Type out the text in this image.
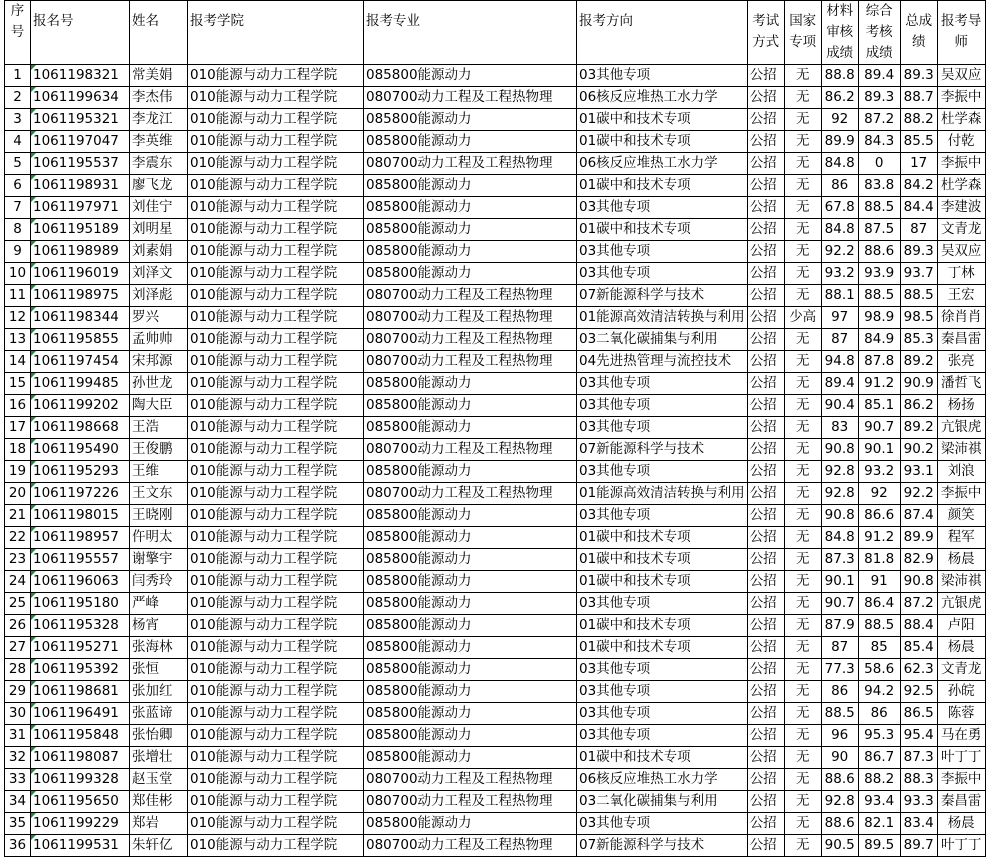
序号	报名号	姓名	报考学院	报考专业	报考方向	考试方式	国家专项	材料审核成绩	综合考核成绩	总成绩	报考导师
1	1061198321	常美娟	010能源与动力工程学院	085800能源动力	03其他专项	公招	无	88.8	89.4	89.3	吴双应
2	1061199634	李杰伟	010能源与动力工程学院	080700动力工程及工程热物理	06核反应堆热工水力学	公招	无	86.2	89.3	88.7	李振中
3	1061195321	李龙江	010能源与动力工程学院	085800能源动力	01碳中和技术专项	公招	无	92	87.2	88.2	杜学森
4	1061197047	李英维	010能源与动力工程学院	085800能源动力	01碳中和技术专项	公招	无	89.9	84.3	85.5	付乾
5	1061195537	李震东	010能源与动力工程学院	080700动力工程及工程热物理	06核反应堆热工水力学	公招	无	84.8	0	17	李振中
6	1061198931	廖飞龙	010能源与动力工程学院	085800能源动力	01碳中和技术专项	公招	无	86	83.8	84.2	杜学森
7	1061197971	刘佳宁	010能源与动力工程学院	085800能源动力	03其他专项	公招	无	67.8	88.5	84.4	李建波
8	1061195189	刘明星	010能源与动力工程学院	085800能源动力	01碳中和技术专项	公招	无	84.8	87.5	87	文青龙
9	1061198989	刘素娟	010能源与动力工程学院	085800能源动力	03其他专项	公招	无	92.2	88.6	89.3	吴双应
10	1061196019	刘泽文	010能源与动力工程学院	085800能源动力	03其他专项	公招	无	93.2	93.9	93.7	丁林
11	1061198975	刘泽彪	010能源与动力工程学院	080700动力工程及工程热物理	07新能源科学与技术	公招	无	88.1	88.5	88.5	王宏
12	1061198344	罗兴	010能源与动力工程学院	080700动力工程及工程热物理	01能源高效清洁转换与利用	公招	少高	97	98.9	98.5	徐肖肖
13	1061195855	孟帅帅	010能源与动力工程学院	080700动力工程及工程热物理	03二氧化碳捕集与利用	公招	无	87	84.9	85.3	秦昌雷
14	1061197454	宋邦源	010能源与动力工程学院	080700动力工程及工程热物理	04先进热管理与流控技术	公招	无	94.8	87.8	89.2	张亮
15	1061199485	孙世龙	010能源与动力工程学院	085800能源动力	03其他专项	公招	无	89.4	91.2	90.9	潘哲飞
16	1061199202	陶大臣	010能源与动力工程学院	085800能源动力	03其他专项	公招	无	90.4	85.1	86.2	杨扬
17	1061198668	王浩	010能源与动力工程学院	085800能源动力	03其他专项	公招	无	83	90.7	89.2	亢银虎
18	1061195490	王俊鹏	010能源与动力工程学院	080700动力工程及工程热物理	07新能源科学与技术	公招	无	90.8	90.1	90.2	梁沛祺
19	1061195293	王维	010能源与动力工程学院	085800能源动力	03其他专项	公招	无	92.8	93.2	93.1	刘浪
20	1061197226	王文东	010能源与动力工程学院	080700动力工程及工程热物理	01能源高效清洁转换与利用	公招	无	92.8	92	92.2	李振中
21	1061198015	王晓刚	010能源与动力工程学院	085800能源动力	03其他专项	公招	无	90.8	86.6	87.4	颜笑
22	1061198957	仵明太	010能源与动力工程学院	085800能源动力	01碳中和技术专项	公招	无	84.8	91.2	89.9	程军
23	1061195557	谢擎宇	010能源与动力工程学院	085800能源动力	01碳中和技术专项	公招	无	87.3	81.8	82.9	杨晨
24	1061196063	闫秀玲	010能源与动力工程学院	085800能源动力	01碳中和技术专项	公招	无	90.1	91	90.8	梁沛祺
25	1061195180	严峰	010能源与动力工程学院	085800能源动力	03其他专项	公招	无	90.7	86.4	87.2	亢银虎
26	1061195328	杨宵	010能源与动力工程学院	085800能源动力	01碳中和技术专项	公招	无	87.9	88.5	88.4	卢阳
27	1061195271	张海林	010能源与动力工程学院	085800能源动力	01碳中和技术专项	公招	无	87	85	85.4	杨晨
28	1061195392	张恒	010能源与动力工程学院	085800能源动力	03其他专项	公招	无	77.3	58.6	62.3	文青龙
29	1061198681	张加红	010能源与动力工程学院	085800能源动力	03其他专项	公招	无	86	94.2	92.5	孙皖
30	1061196491	张蓝谛	010能源与动力工程学院	085800能源动力	03其他专项	公招	无	88.5	86	86.5	陈蓉
31	1061195848	张怡卿	010能源与动力工程学院	085800能源动力	03其他专项	公招	无	96	95.3	95.4	马在勇
32	1061198087	张增壮	010能源与动力工程学院	085800能源动力	01碳中和技术专项	公招	无	90	86.7	87.3	叶丁丁
33	1061199328	赵玉堂	010能源与动力工程学院	080700动力工程及工程热物理	06核反应堆热工水力学	公招	无	88.6	88.2	88.3	李振中
34	1061195650	郑佳彬	010能源与动力工程学院	080700动力工程及工程热物理	03二氧化碳捕集与利用	公招	无	92.8	93.4	93.3	秦昌雷
35	1061199229	郑岩	010能源与动力工程学院	085800能源动力	03其他专项	公招	无	88.6	82.1	83.4	杨晨
36	1061199531	朱轩亿	010能源与动力工程学院	080700动力工程及工程热物理	07新能源科学与技术	公招	无	90.5	89.5	89.7	叶丁丁
